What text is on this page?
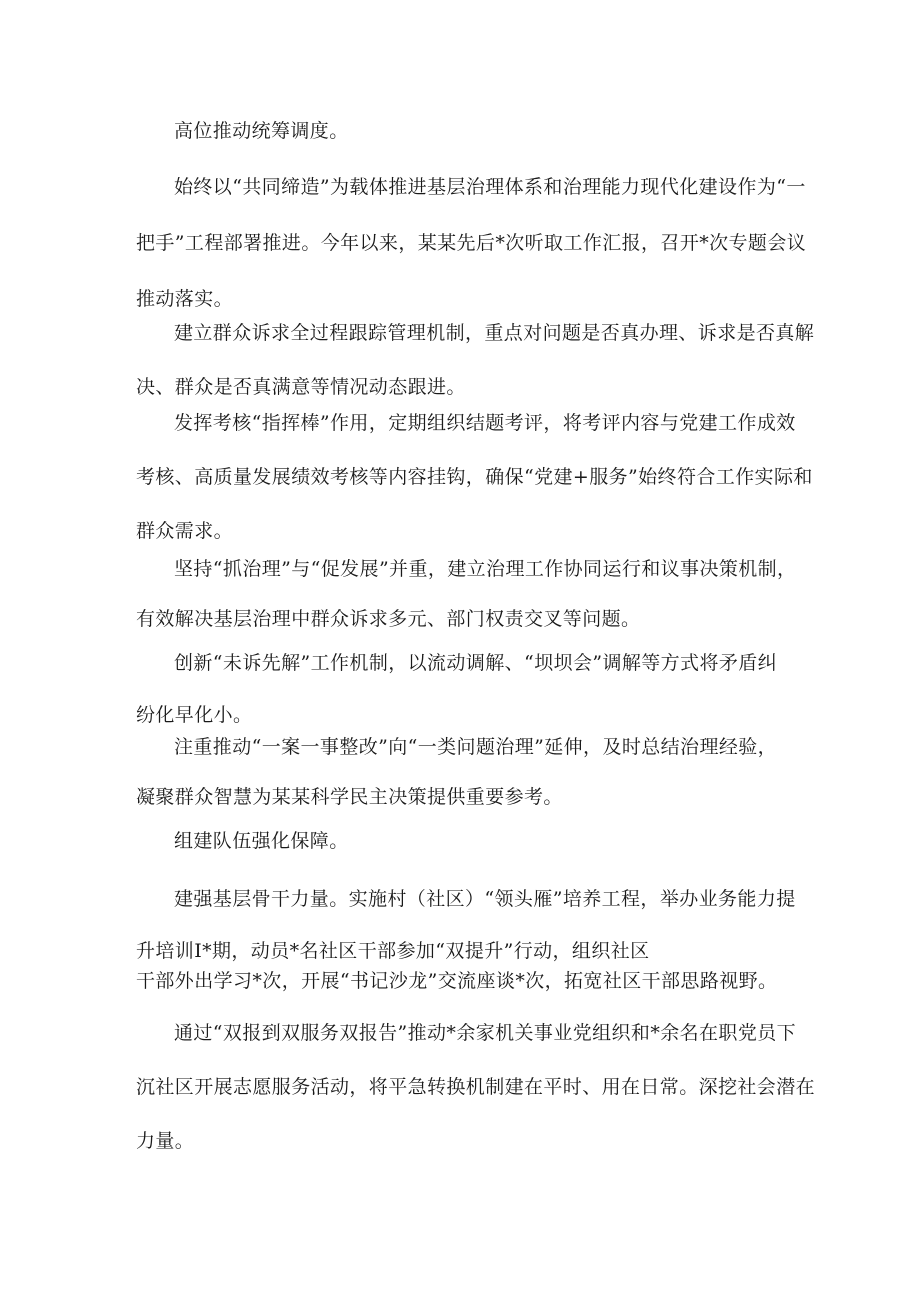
高位推动统筹调度。
始终以“共同缔造”为载体推进基层治理体系和治理能力现代化建设作为“一
把手”工程部署推进。今年以来，某某先后*次听取工作汇报，召开*次专题会议
推动落实。
建立群众诉求全过程跟踪管理机制，重点对问题是否真办理、诉求是否真解
决、群众是否真满意等情况动态跟进。
发挥考核“指挥棒”作用，定期组织结题考评，将考评内容与党建工作成效
考核、高质量发展绩效考核等内容挂钩，确保“党建+服务”始终符合工作实际和
群众需求。
坚持“抓治理”与“促发展”并重，建立治理工作协同运行和议事决策机制，
有效解决基层治理中群众诉求多元、部门权责交叉等问题。
创新“未诉先解”工作机制，以流动调解、“坝坝会”调解等方式将矛盾纠
纷化早化小。
注重推动“一案一事整改”向“一类问题治理”延伸，及时总结治理经验，
凝聚群众智慧为某某科学民主决策提供重要参考。
组建队伍强化保障。
建强基层骨干力量。实施村（社区）“领头雁”培养工程，举办业务能力提
升培训I*期，动员*名社区干部参加“双提升”行动，组织社区
干部外出学习*次，开展“书记沙龙”交流座谈*次，拓宽社区干部思路视野。
通过“双报到双服务双报告”推动*余家机关事业党组织和*余名在职党员下
沉社区开展志愿服务活动，将平急转换机制建在平时、用在日常。深挖社会潜在
力量。
